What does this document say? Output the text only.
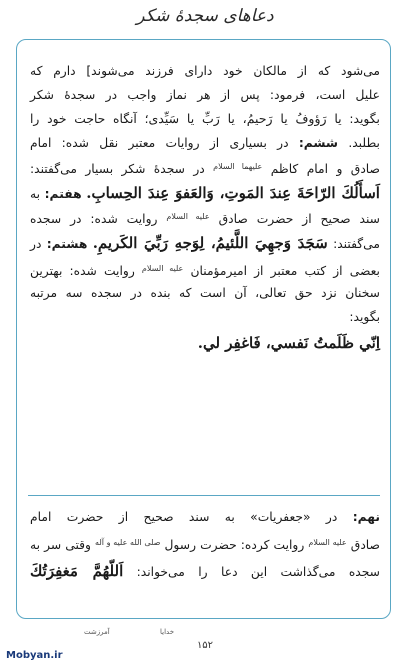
دعاهای سجدهٔ شکر
می‌شود که از مالکان خود دارای فرزند می‌شوند] دارم که
علیل است، فرمود: پس از هر نماز واجب در سجدهٔ شکر
بگوید: یا رَؤوفُ یا رَحیمُ، یا رَبِّ یا سَیِّدی؛ آنگاه حاجت خود را
بطلبد. ششم: در بسیاری از روایات معتبر نقل شده: امام
صادق و امام کاظم $^{علیهما السلام}$ در سجدهٔ شکر بسیار می‌گفتند:
اَسأَلُكَ الرّاحَةَ عِندَ المَوتِ، وَالعَفوَ عِندَ الحِسابِ. هفتم: به
سند صحیح از حضرت صادق $^{علیه السلام}$ روایت شده: در سجده
می‌گفتند: سَجَدَ وَجهِيَ اللَّئيمُ، لِوَجهِ رَبِّيَ الكَريمِ. هشتم: در
بعضی از کتب معتبر از امیرمؤمنان $^{علیه السلام}$ روایت شده: بهترین
سخنان نزد حق تعالی، آن است که بنده در سجده سه مرتبه
بگوید:
اِنّي ظَلَمتُ نَفسي، فَاغفِر لي.
نهم: در «جعفریات» به سند صحیح از حضرت امام
صادق $^{علیه السلام}$ روایت کرده: حضرت رسول $^{صلی الله علیه و آله}$ وقتی سر به
سجده می‌گذاشت این دعا را می‌خواند: اَللّهُمَّ مَغفِرَتُكَ
آمرزشت	خدایا
۱۵۲
Mobyan.ir
